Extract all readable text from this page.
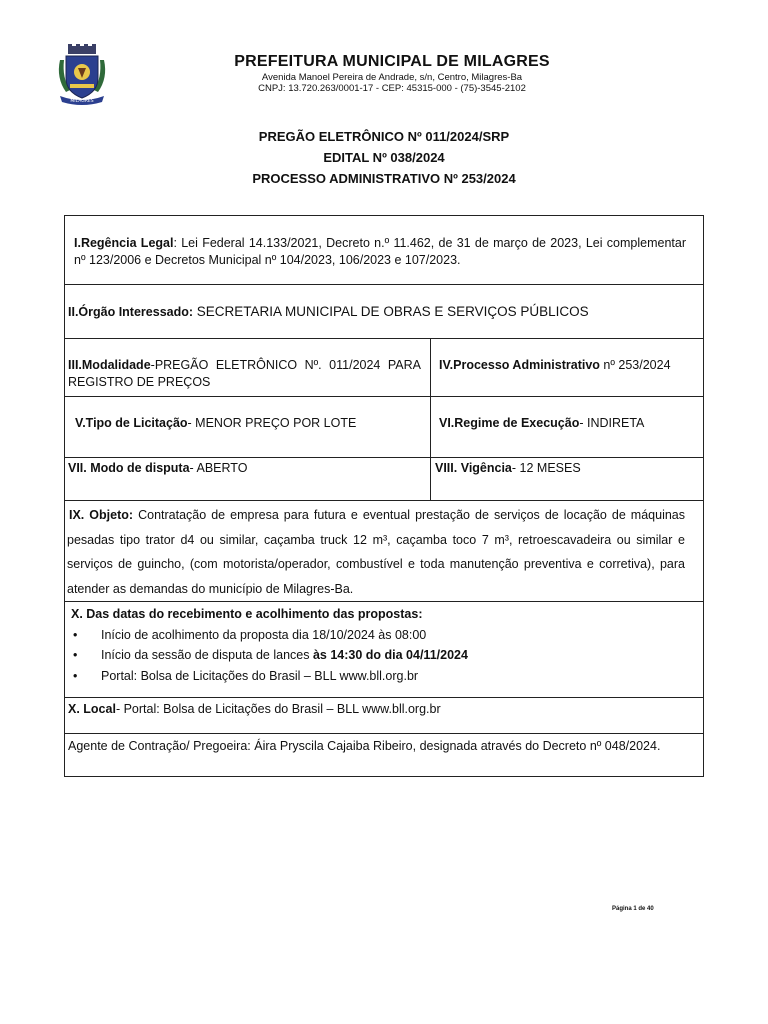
MILAGRES
PREFEITURA MUNICIPAL DE MILAGRES
Avenida Manoel Pereira de Andrade, s/n, Centro, Milagres-Ba
CNPJ: 13.720.263/0001-17 - CEP: 45315-000 - (75)-3545-2102
PREGÃO ELETRÔNICO Nº 011/2024/SRP
EDITAL Nº 038/2024
PROCESSO ADMINISTRATIVO Nº 253/2024
I.Regência Legal: Lei Federal 14.133/2021, Decreto n.º 11.462, de 31 de março de 2023, Lei complementar nº 123/2006 e Decretos Municipal nº 104/2023, 106/2023 e 107/2023.
II.Órgão Interessado: SECRETARIA MUNICIPAL DE OBRAS E SERVIÇOS PÚBLICOS
III.Modalidade-PREGÃO ELETRÔNICO Nº. 011/2024 PARA REGISTRO DE PREÇOS
IV.Processo Administrativo nº 253/2024
V.Tipo de Licitação- MENOR PREÇO POR LOTE	VI.Regime de Execução- INDIRETA
VII. Modo de disputa- ABERTO	VIII. Vigência- 12 MESES
IX. Objeto: Contratação de empresa para futura e eventual prestação de serviços de locação de máquinas pesadas tipo trator d4 ou similar, caçamba truck 12 m³, caçamba toco 7 m³, retroescavadeira ou similar e serviços de guincho, (com motorista/operador, combustível e toda manutenção preventiva e corretiva), para atender as demandas do município de Milagres-Ba.
X. Das datas do recebimento e acolhimento das propostas:
• Início de acolhimento da proposta dia 18/10/2024 às 08:00
• Início da sessão de disputa de lances às 14:30 do dia 04/11/2024
• Portal: Bolsa de Licitações do Brasil – BLL www.bll.org.br
X. Local- Portal: Bolsa de Licitações do Brasil – BLL www.bll.org.br
Agente de Contração/ Pregoeira: Áira Pryscila Cajaiba Ribeiro, designada através do Decreto nº 048/2024.
Página 1 de 40
